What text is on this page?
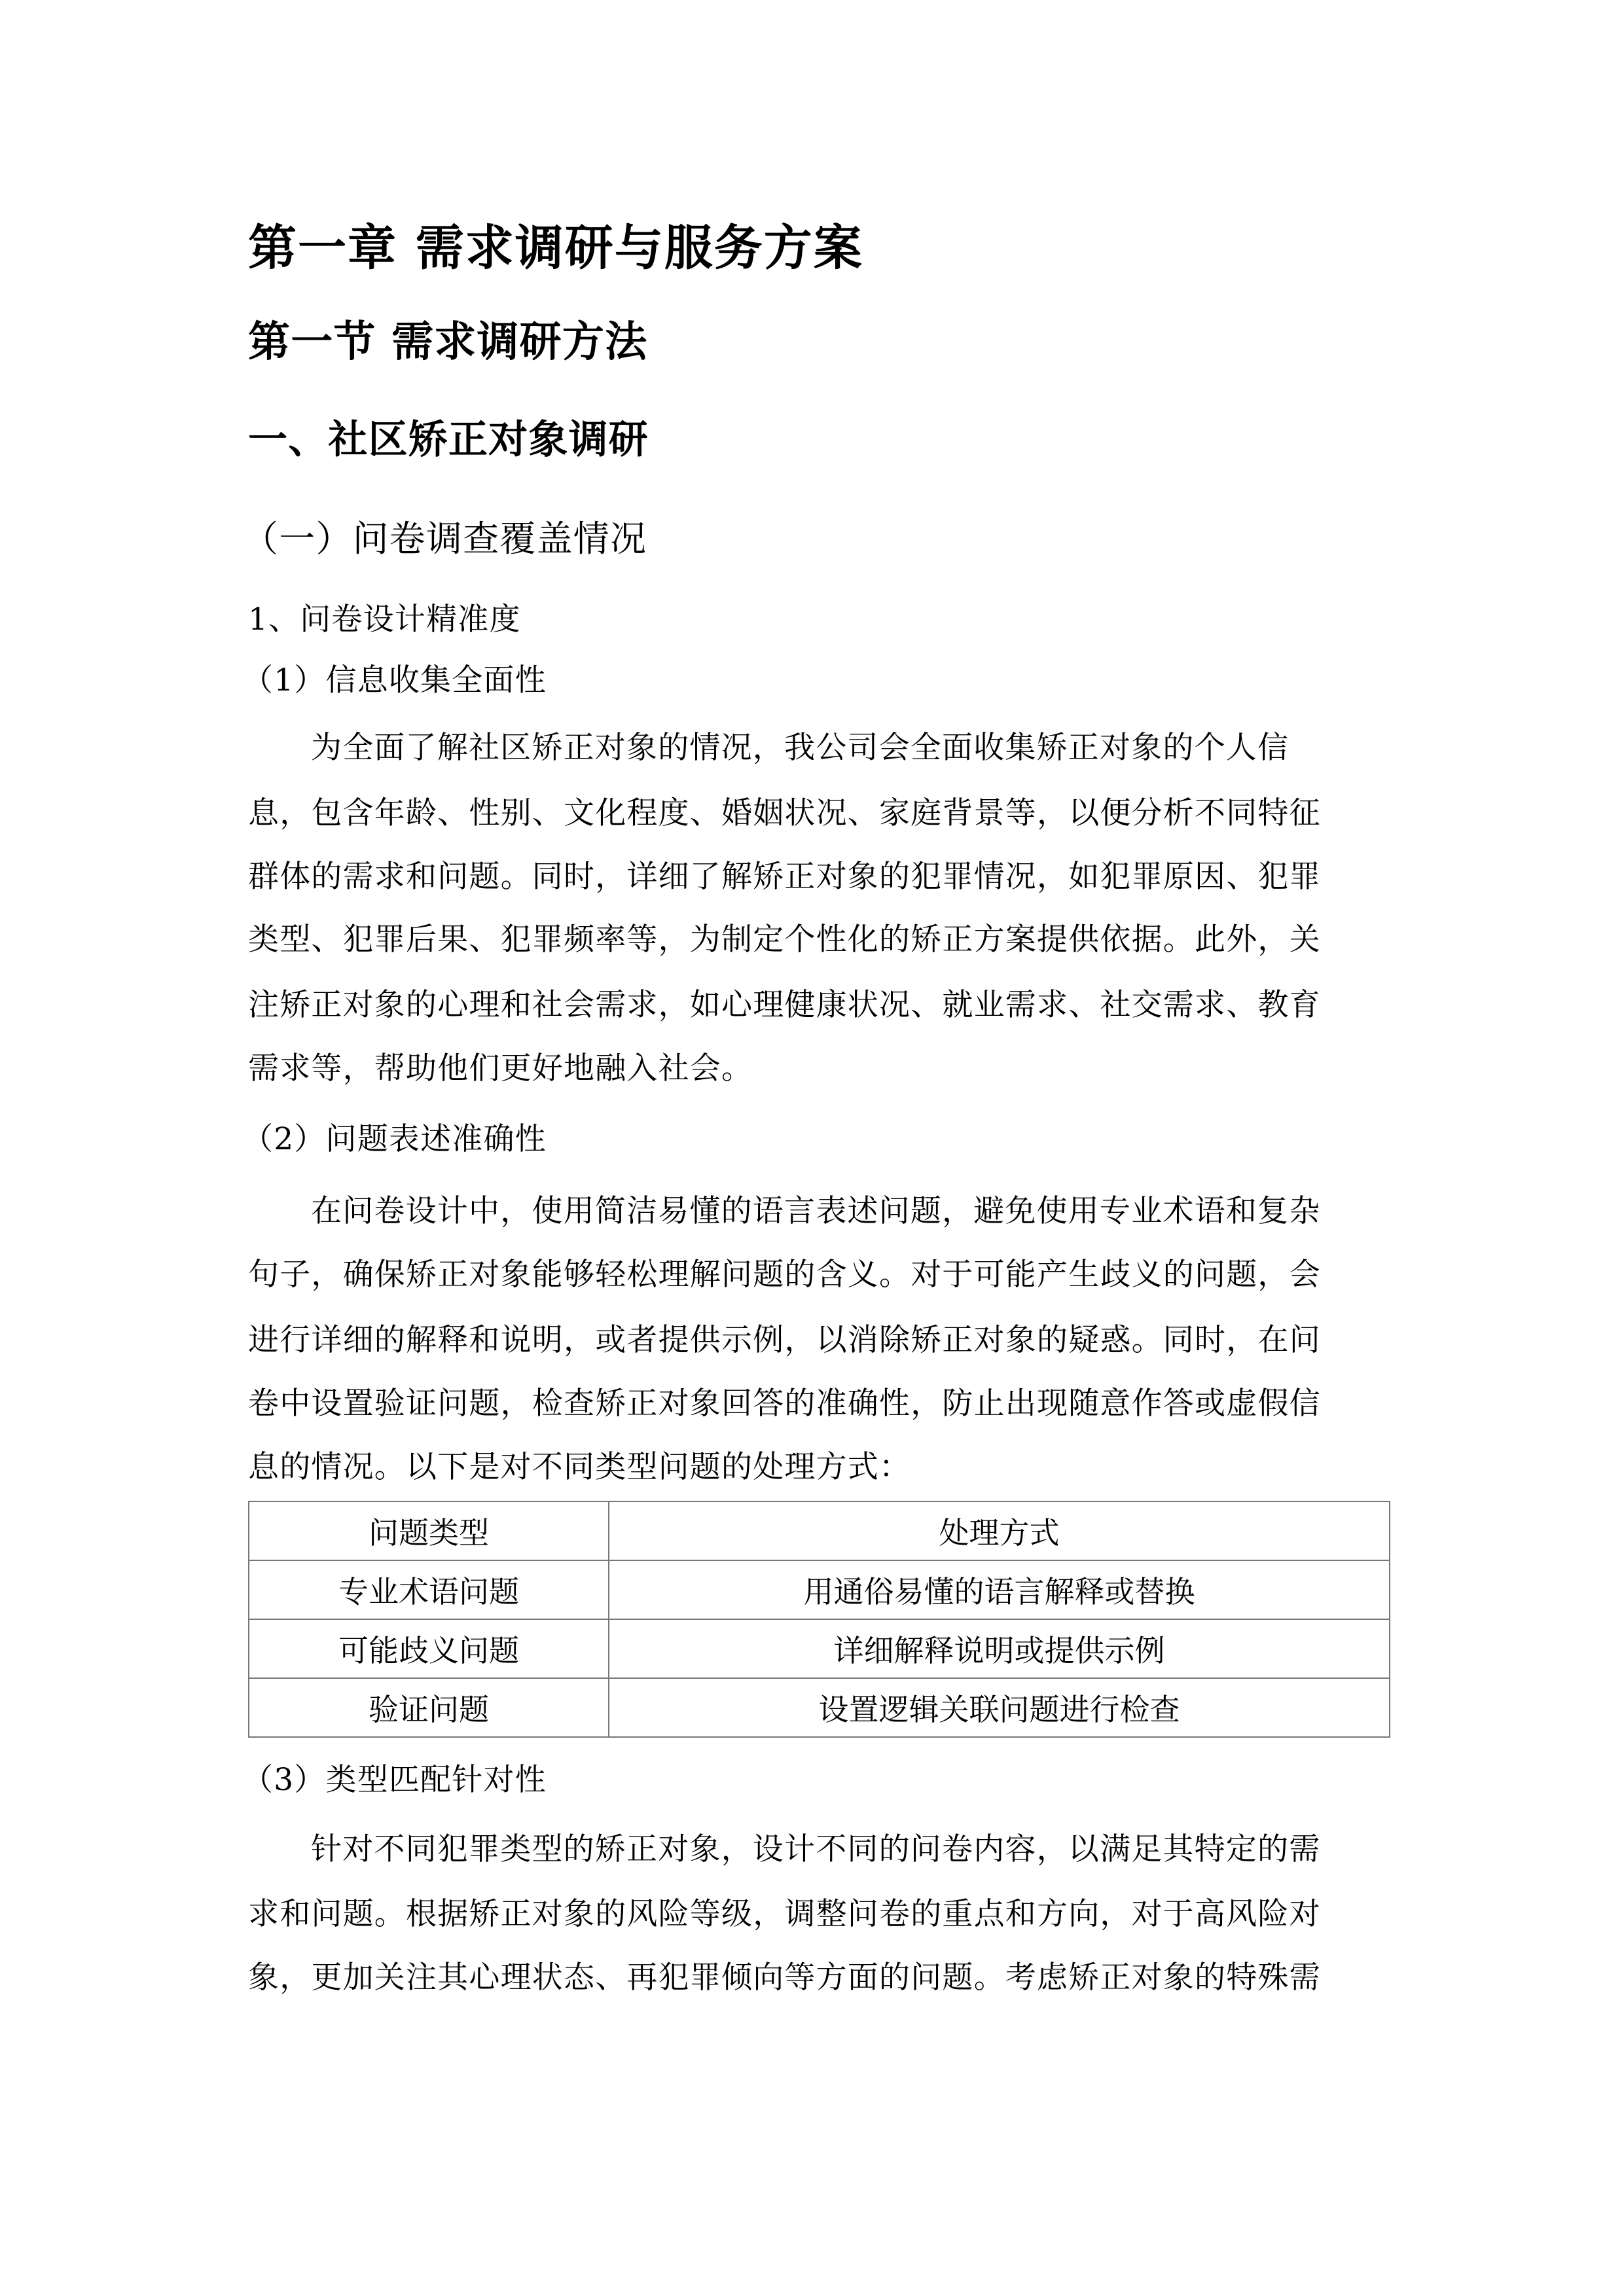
第一章 需求调研与服务方案
第一节 需求调研方法
一、社区矫正对象调研
（一）问卷调查覆盖情况
1、问卷设计精准度
（1）信息收集全面性
为全面了解社区矫正对象的情况，我公司会全面收集矫正对象的个人信
息，包含年龄、性别、文化程度、婚姻状况、家庭背景等，以便分析不同特征
群体的需求和问题。同时，详细了解矫正对象的犯罪情况，如犯罪原因、犯罪
类型、犯罪后果、犯罪频率等，为制定个性化的矫正方案提供依据。此外，关
注矫正对象的心理和社会需求，如心理健康状况、就业需求、社交需求、教育
需求等，帮助他们更好地融入社会。
（2）问题表述准确性
在问卷设计中，使用简洁易懂的语言表述问题，避免使用专业术语和复杂
句子，确保矫正对象能够轻松理解问题的含义。对于可能产生歧义的问题，会
进行详细的解释和说明，或者提供示例，以消除矫正对象的疑惑。同时，在问
卷中设置验证问题，检查矫正对象回答的准确性，防止出现随意作答或虚假信
息的情况。以下是对不同类型问题的处理方式：
问题类型	处理方式
专业术语问题	用通俗易懂的语言解释或替换
可能歧义问题	详细解释说明或提供示例
验证问题	设置逻辑关联问题进行检查
（3）类型匹配针对性
针对不同犯罪类型的矫正对象，设计不同的问卷内容，以满足其特定的需
求和问题。根据矫正对象的风险等级，调整问卷的重点和方向，对于高风险对
象，更加关注其心理状态、再犯罪倾向等方面的问题。考虑矫正对象的特殊需
